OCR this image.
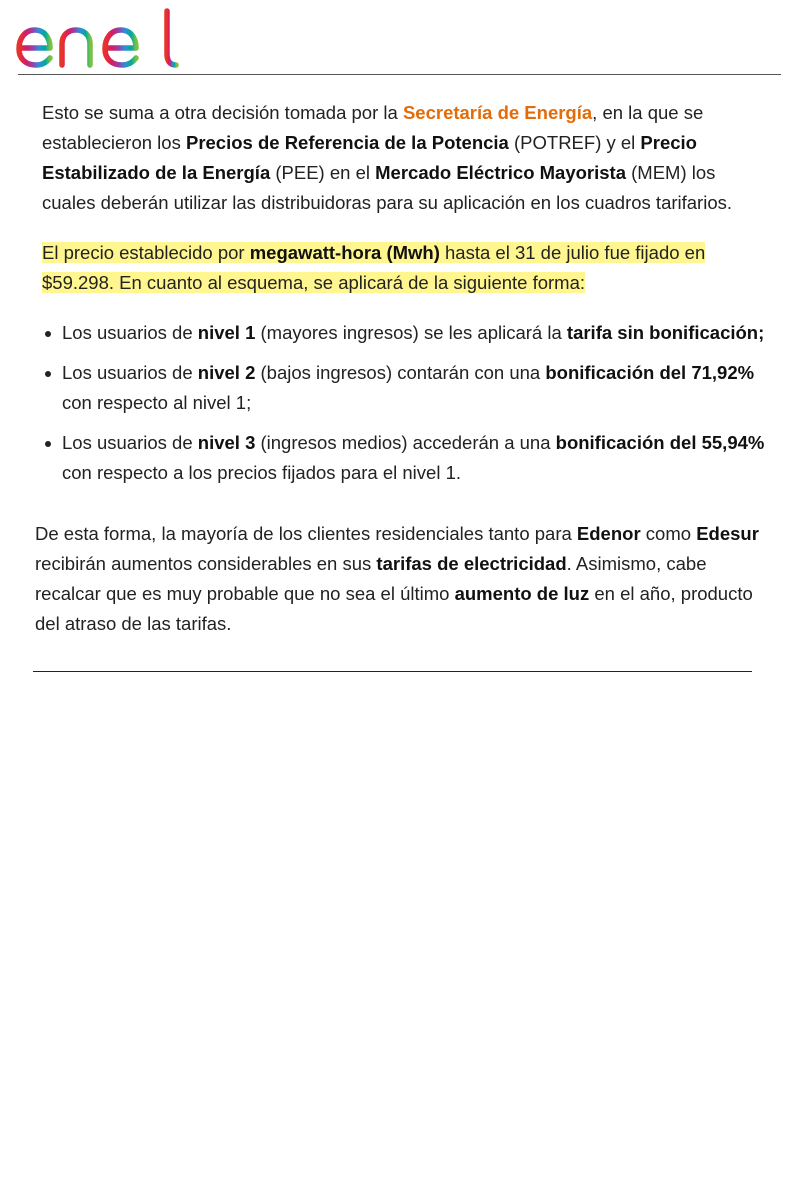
Esto se suma a otra decisión tomada por la Secretaría de Energía, en la que se establecieron los Precios de Referencia de la Potencia (POTREF) y el Precio Estabilizado de la Energía (PEE) en el Mercado Eléctrico Mayorista (MEM) los cuales deberán utilizar las distribuidoras para su aplicación en los cuadros tarifarios.

El precio establecido por megawatt-hora (Mwh) hasta el 31 de julio fue fijado en $59.298. En cuanto al esquema, se aplicará de la siguiente forma:

Los usuarios de nivel 1 (mayores ingresos) se les aplicará la tarifa sin bonificación;
Los usuarios de nivel 2 (bajos ingresos) contarán con una bonificación del 71,92% con respecto al nivel 1;
Los usuarios de nivel 3 (ingresos medios) accederán a una bonificación del 55,94% con respecto a los precios fijados para el nivel 1.

De esta forma, la mayoría de los clientes residenciales tanto para Edenor como Edesur recibirán aumentos considerables en sus tarifas de electricidad. Asimismo, cabe recalcar que es muy probable que no sea el último aumento de luz en el año, producto del atraso de las tarifas.
